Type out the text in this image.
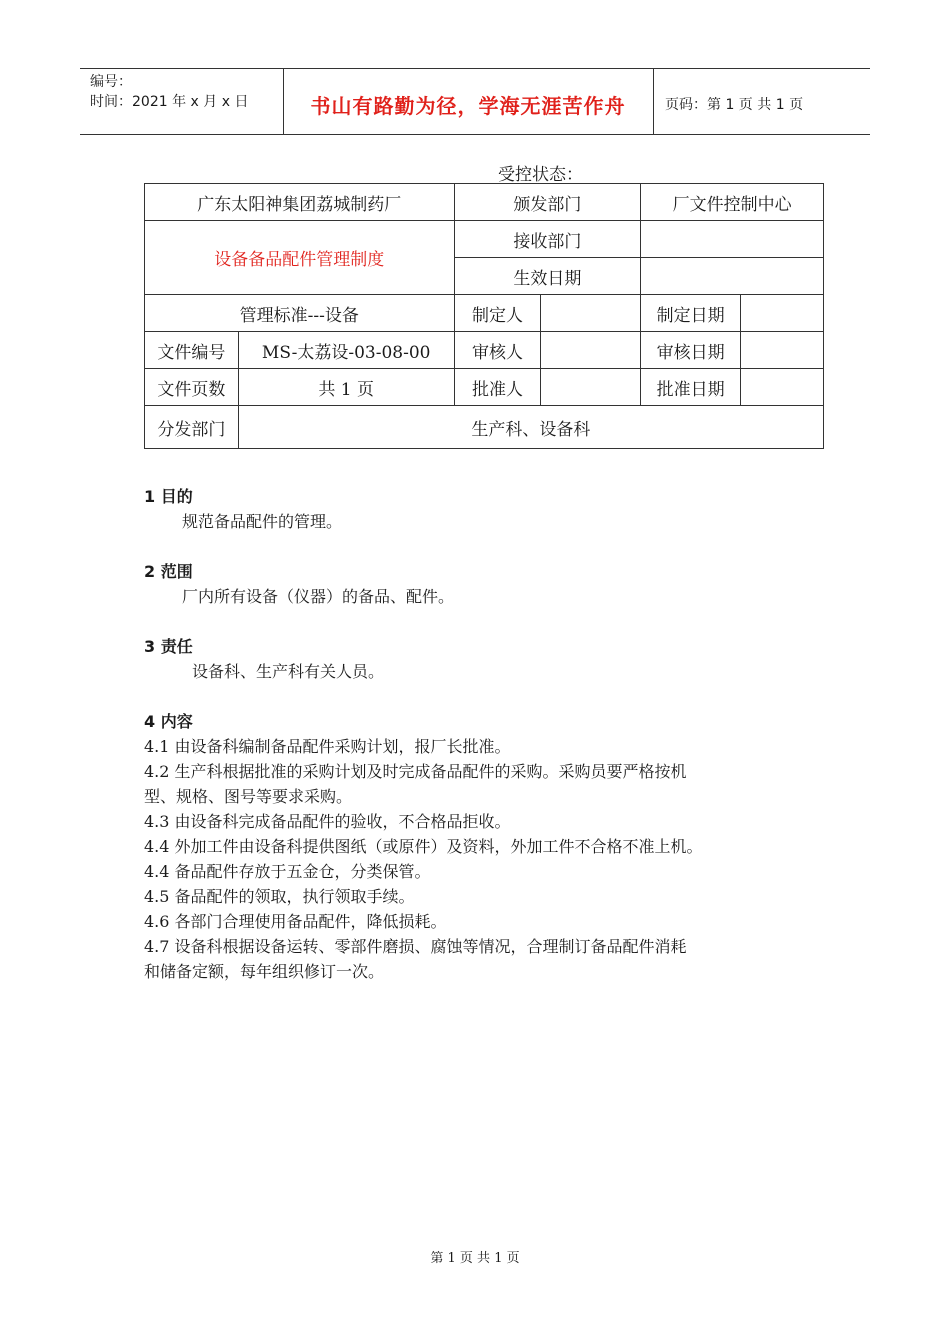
编号：
时间：2021 年 x 月 x 日	书山有路勤为径，学海无涯苦作舟	页码：第 1 页 共 1 页
受控状态：
广东太阳神集团荔城制药厂		颁发部门		厂文件控制中心	
设备备品配件管理制度		接收部门			
		生效日期			
管理标准---设备		制定人		制定日期	
文件编号	MS-太荔设-03-08-00	审核人		审核日期	
文件页数	共 1 页	批准人		批准日期	
分发部门	生产科、设备科				
1 目的
规范备品配件的管理。
2 范围
厂内所有设备（仪器）的备品、配件。
3 责任
设备科、生产科有关人员。
4 内容
4.1 由设备科编制备品配件采购计划，报厂长批准。
4.2 生产科根据批准的采购计划及时完成备品配件的采购。采购员要严格按机
型、规格、图号等要求采购。
4.3 由设备科完成备品配件的验收，不合格品拒收。
4.4 外加工件由设备科提供图纸（或原件）及资料，外加工件不合格不准上机。
4.4 备品配件存放于五金仓，分类保管。
4.5 备品配件的领取，执行领取手续。
4.6 各部门合理使用备品配件，降低损耗。
4.7 设备科根据设备运转、零部件磨损、腐蚀等情况，合理制订备品配件消耗
和储备定额，每年组织修订一次。
第 1 页 共 1 页
